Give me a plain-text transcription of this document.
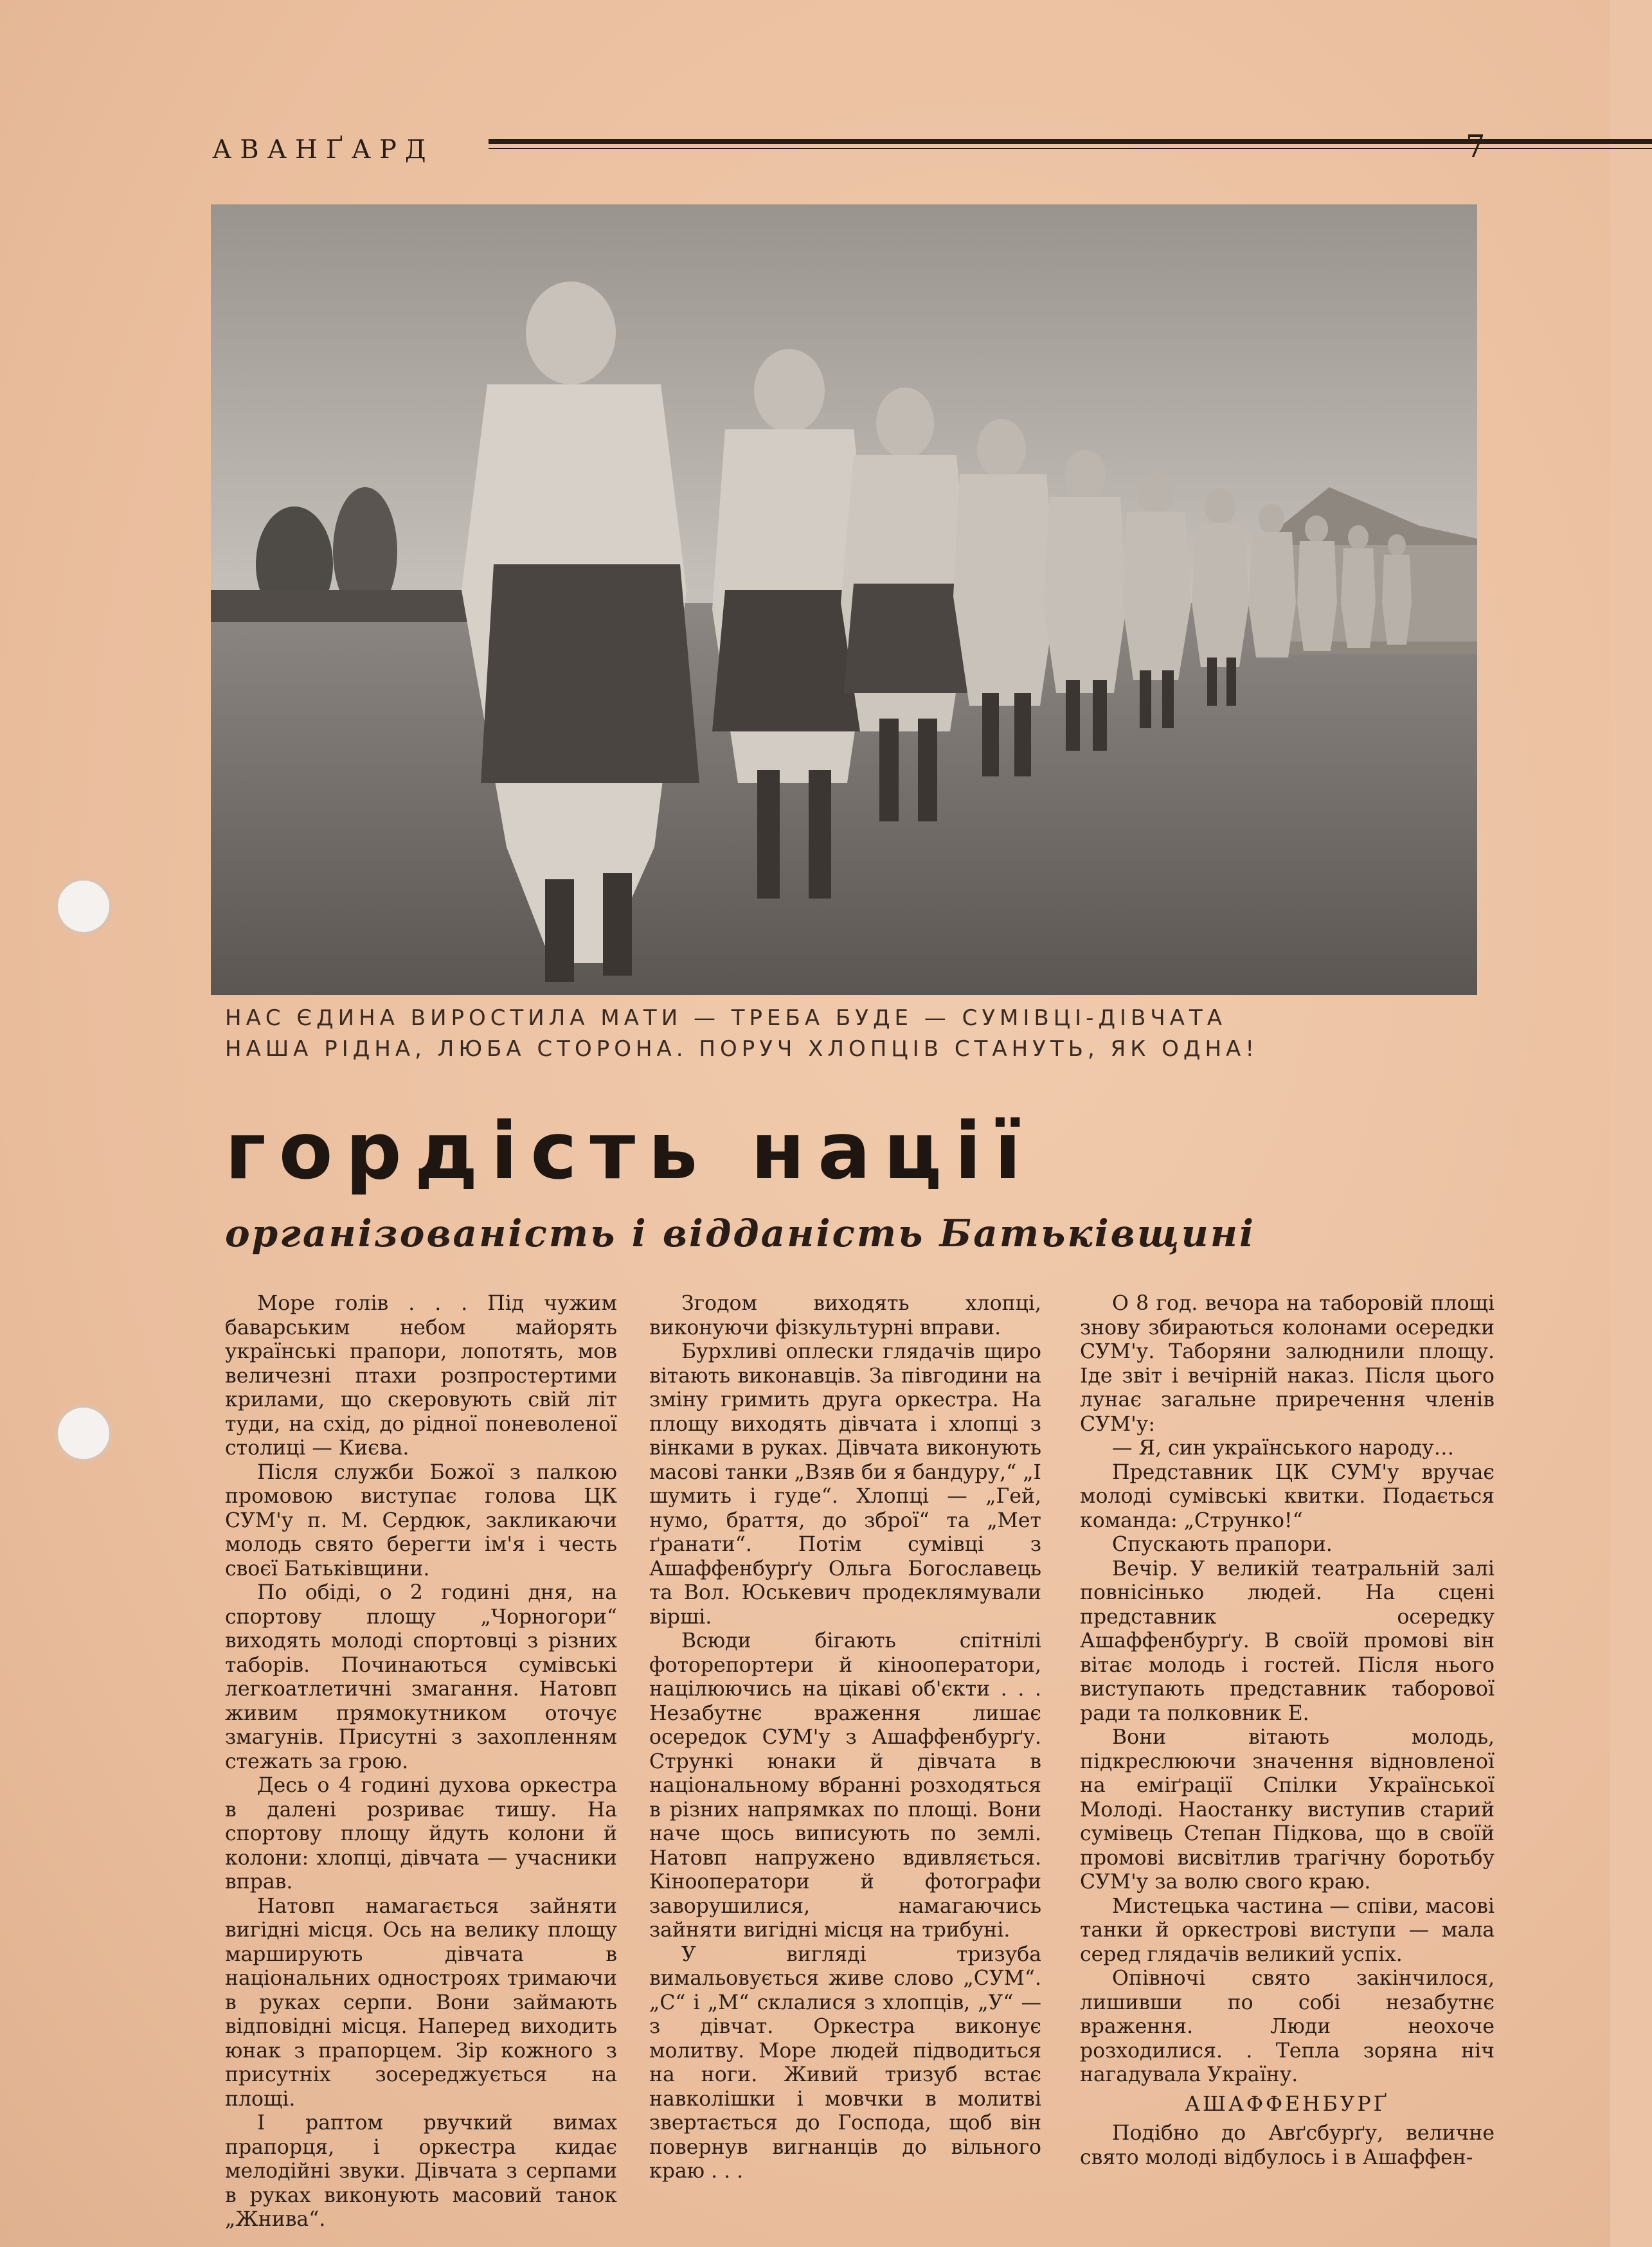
АВАНҐАРД	7
НАС ЄДИНА ВИРОСТИЛА МАТИ — ТРЕБА БУДЕ — СУМІВЦІ-ДІВЧАТА
НАША РІДНА, ЛЮБА СТОРОНА. ПОРУЧ ХЛОПЦІВ СТАНУТЬ, ЯК ОДНА!
гордість нації
організованість і відданість Батьківщині

Море голів . . . Під чужим баварським небом майорять українські прапори, лопотять, мов величезні птахи розпростертими крилами, що скеровують свій літ туди, на схід, до рідної поневоленої столиці — Києва.

Після служби Божої з палкою промовою виступає голова ЦК СУМ'у п. М. Сердюк, закликаючи молодь свято берегти ім'я і честь своєї Батьківщини.

По обіді, о 2 годині дня, на спортову площу „Чорногори“ виходять молоді спортовці з різних таборів. Починаються сумівські легкоатлетичні змагання. Натовп живим прямокутником оточує змагунів. Присутні з захопленням стежать за грою.

Десь о 4 годині духова оркестра в далені розриває тишу. На спортову площу йдуть колони й колони: хлопці, дівчата — учасники вправ.

Натовп намагається зайняти вигідні місця. Ось на велику площу марширують дівчата в національних одностроях тримаючи в руках серпи. Вони займають відповідні місця. Наперед виходить юнак з прапорцем. Зір кожного з присутніх зосереджується на площі.

І раптом рвучкий вимах прапорця, і оркестра кидає мелодійні звуки. Дівчата з серпами в руках виконують масовий танок „Жнива“.

Згодом виходять хлопці, виконуючи фізкультурні вправи.

Бурхливі оплески глядачів щиро вітають виконавців. За півгодини на зміну гримить друга оркестра. На площу виходять дівчата і хлопці з вінками в руках. Дівчата виконують масові танки „Взяв би я бандуру,“ „І шумить і гуде“. Хлопці — „Гей, нумо, браття, до зброї“ та „Мет ґранати“. Потім сумівці з Ашаффенбурґу Ольга Богославець та Вол. Юськевич продеклямували вірші.

Всюди бігають спітнілі фоторепортери й кінооператори, націлюючись на цікаві об'єкти . . . Незабутнє враження лишає осередок СУМ'у з Ашаффенбурґу. Стрункі юнаки й дівчата в національному вбранні розходяться в різних напрямках по площі. Вони наче щось виписують по землі. Натовп напружено вдивляється. Кінооператори й фотографи заворушилися, намагаючись зайняти вигідні місця на трибуні.

У вигляді тризуба вимальовується живе слово „СУМ“. „С“ і „М“ склалися з хлопців, „У“ — з дівчат. Оркестра виконує молитву. Море людей підводиться на ноги. Живий тризуб встає навколішки і мовчки в молитві звертається до Господа, щоб він повернув вигнанців до вільного краю . . .

О 8 год. вечора на таборовій площі знову збираються колонами осередки СУМ'у. Таборяни залюднили площу. Іде звіт і вечірній наказ. Після цього лунає загальне приречення членів СУМ'у:

— Я, син українського народу…

Представник ЦК СУМ'у вручає молоді сумівські квитки. Подається команда: „Струнко!“

Спускають прапори.

Вечір. У великій театральній залі повнісінько людей. На сцені представник осередку Ашаффенбурґу. В своїй промові він вітає молодь і гостей. Після нього виступають представник таборової ради та полковник Е.

Вони вітають молодь, підкреслюючи значення відновленої на еміґрації Спілки Української Молоді. Наостанку виступив старий сумівець Степан Підкова, що в своїй промові висвітлив трагічну боротьбу СУМ'у за волю свого краю.

Мистецька частина — співи, масові танки й оркестрові виступи — мала серед глядачів великий успіх.

Опівночі свято закінчилося, лишивши по собі незабутнє враження. Люди неохоче розходилися. . Тепла зоряна ніч нагадувала Україну.

АШАФФЕНБУРҐ

Подібно до Авґсбурґу, величне свято молоді відбулось і в Ашаффен-
